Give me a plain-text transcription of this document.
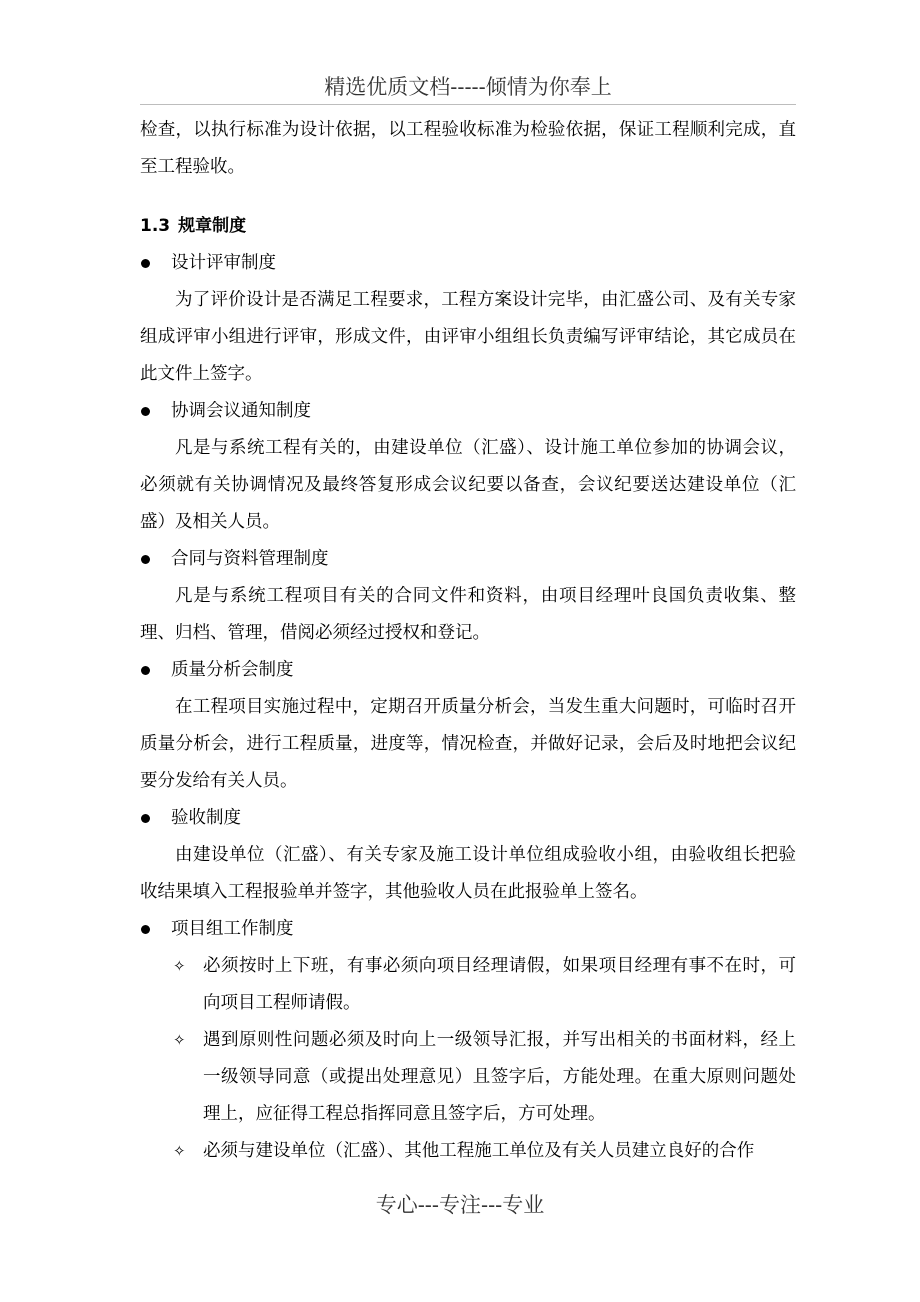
精选优质文档-----倾情为你奉上

检查，以执行标准为设计依据，以工程验收标准为检验依据，保证工程顺利完成，直至工程验收。

1.3 规章制度
设计评审制度

为了评价设计是否满足工程要求，工程方案设计完毕，由汇盛公司、及有关专家组成评审小组进行评审，形成文件，由评审小组组长负责编写评审结论，其它成员在此文件上签字。

协调会议通知制度

凡是与系统工程有关的，由建设单位（汇盛）、设计施工单位参加的协调会议，必须就有关协调情况及最终答复形成会议纪要以备查，会议纪要送达建设单位（汇盛）及相关人员。

合同与资料管理制度

凡是与系统工程项目有关的合同文件和资料，由项目经理叶良国负责收集、整理、归档、管理，借阅必须经过授权和登记。

质量分析会制度

在工程项目实施过程中，定期召开质量分析会，当发生重大问题时，可临时召开质量分析会，进行工程质量，进度等，情况检查，并做好记录，会后及时地把会议纪要分发给有关人员。

验收制度

由建设单位（汇盛）、有关专家及施工设计单位组成验收小组，由验收组长把验收结果填入工程报验单并签字，其他验收人员在此报验单上签名。

项目组工作制度
✧ 必须按时上下班，有事必须向项目经理请假，如果项目经理有事不在时，可向项目工程师请假。
✧ 遇到原则性问题必须及时向上一级领导汇报，并写出相关的书面材料，经上一级领导同意（或提出处理意见）且签字后，方能处理。在重大原则问题处理上，应征得工程总指挥同意且签字后，方可处理。
✧ 必须与建设单位（汇盛）、其他工程施工单位及有关人员建立良好的合作
专心---专注---专业
